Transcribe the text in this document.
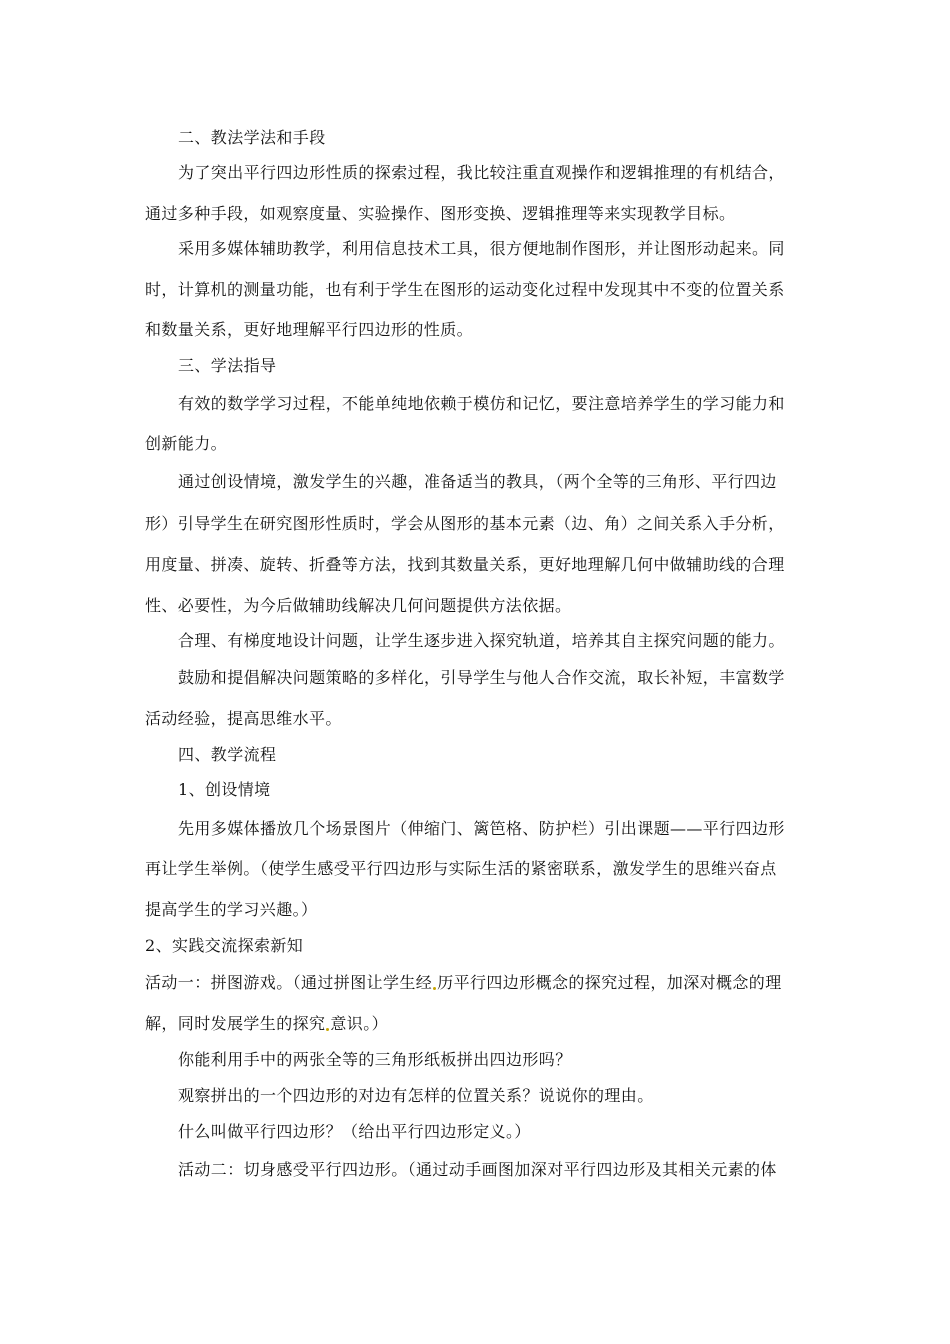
二、教法学法和手段
为了突出平行四边形性质的探索过程，我比较注重直观操作和逻辑推理的有机结合，
通过多种手段，如观察度量、实验操作、图形变换、逻辑推理等来实现教学目标。
采用多媒体辅助教学，利用信息技术工具，很方便地制作图形，并让图形动起来。同
时，计算机的测量功能，也有利于学生在图形的运动变化过程中发现其中不变的位置关系
和数量关系，更好地理解平行四边形的性质。
三、学法指导
有效的数学学习过程，不能单纯地依赖于模仿和记忆，要注意培养学生的学习能力和
创新能力。
通过创设情境，激发学生的兴趣，准备适当的教具，（两个全等的三角形、平行四边
形）引导学生在研究图形性质时，学会从图形的基本元素（边、角）之间关系入手分析，
用度量、拼凑、旋转、折叠等方法，找到其数量关系，更好地理解几何中做辅助线的合理
性、必要性，为今后做辅助线解决几何问题提供方法依据。
合理、有梯度地设计问题，让学生逐步进入探究轨道，培养其自主探究问题的能力。
鼓励和提倡解决问题策略的多样化，引导学生与他人合作交流，取长补短，丰富数学
活动经验，提高思维水平。
四、教学流程
1、创设情境
先用多媒体播放几个场景图片（伸缩门、篱笆格、防护栏）引出课题——平行四边形
再让学生举例。（使学生感受平行四边形与实际生活的紧密联系，激发学生的思维兴奋点
提高学生的学习兴趣。）
2、实践交流探索新知
活动一：拼图游戏。（通过拼图让学生经 历平行四边形概念的探究过程，加深对概念的理
解，同时发展学生的探究 意识。）
你能利用手中的两张全等的三角形纸板拼出四边形吗？
观察拼出的一个四边形的对边有怎样的位置关系？说说你的理由。
什么叫做平行四边形？（给出平行四边形定义。）
活动二：切身感受平行四边形。（通过动手画图加深对平行四边形及其相关元素的体
